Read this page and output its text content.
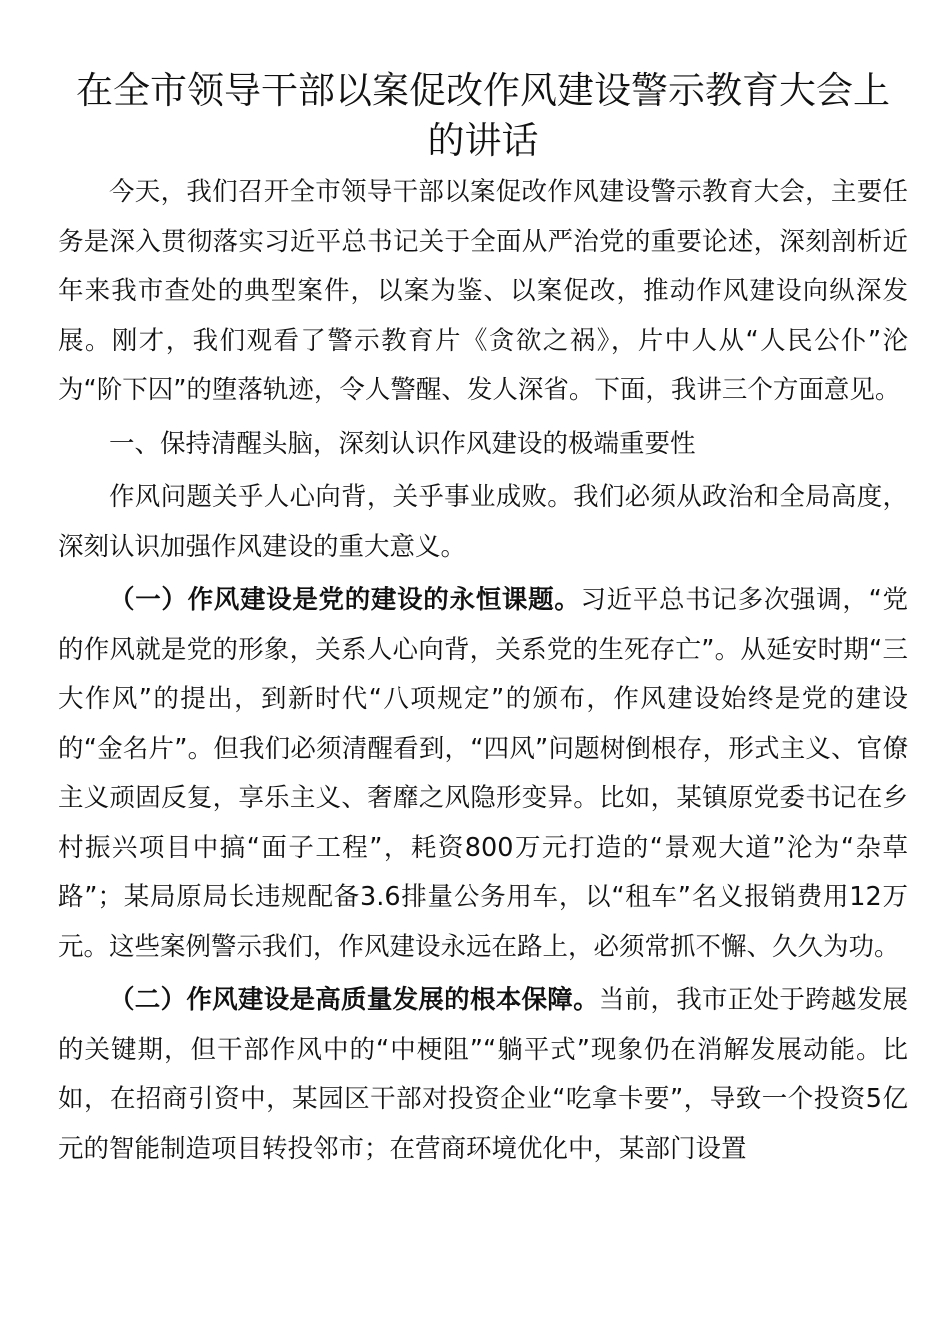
在全市领导干部以案促改作风建设警示教育大会上的讲话

今天，我们召开全市领导干部以案促改作风建设警示教育大会，主要任务是深入贯彻落实习近平总书记关于全面从严治党的重要论述，深刻剖析近年来我市查处的典型案件，以案为鉴、以案促改，推动作风建设向纵深发展。刚才，我们观看了警示教育片《贪欲之祸》，片中人从“人民公仆”沦为“阶下囚”的堕落轨迹，令人警醒、发人深省。下面，我讲三个方面意见。

一、保持清醒头脑，深刻认识作风建设的极端重要性

作风问题关乎人心向背，关乎事业成败。我们必须从政治和全局高度，深刻认识加强作风建设的重大意义。

（一）作风建设是党的建设的永恒课题。习近平总书记多次强调，“党的作风就是党的形象，关系人心向背，关系党的生死存亡”。从延安时期“三大作风”的提出，到新时代“八项规定”的颁布，作风建设始终是党的建设的“金名片”。但我们必须清醒看到，“四风”问题树倒根存，形式主义、官僚主义顽固反复，享乐主义、奢靡之风隐形变异。比如，某镇原党委书记在乡村振兴项目中搞“面子工程”，耗资800万元打造的“景观大道”沦为“杂草路”；某局原局长违规配备3.6排量公务用车，以“租车”名义报销费用12万元。这些案例警示我们，作风建设永远在路上，必须常抓不懈、久久为功。

（二）作风建设是高质量发展的根本保障。当前，我市正处于跨越发展的关键期，但干部作风中的“中梗阻”“躺平式”现象仍在消解发展动能。比如，在招商引资中，某园区干部对投资企业“吃拿卡要”，导致一个投资5亿元的智能制造项目转投邻市；在营商环境优化中，某部门设置
